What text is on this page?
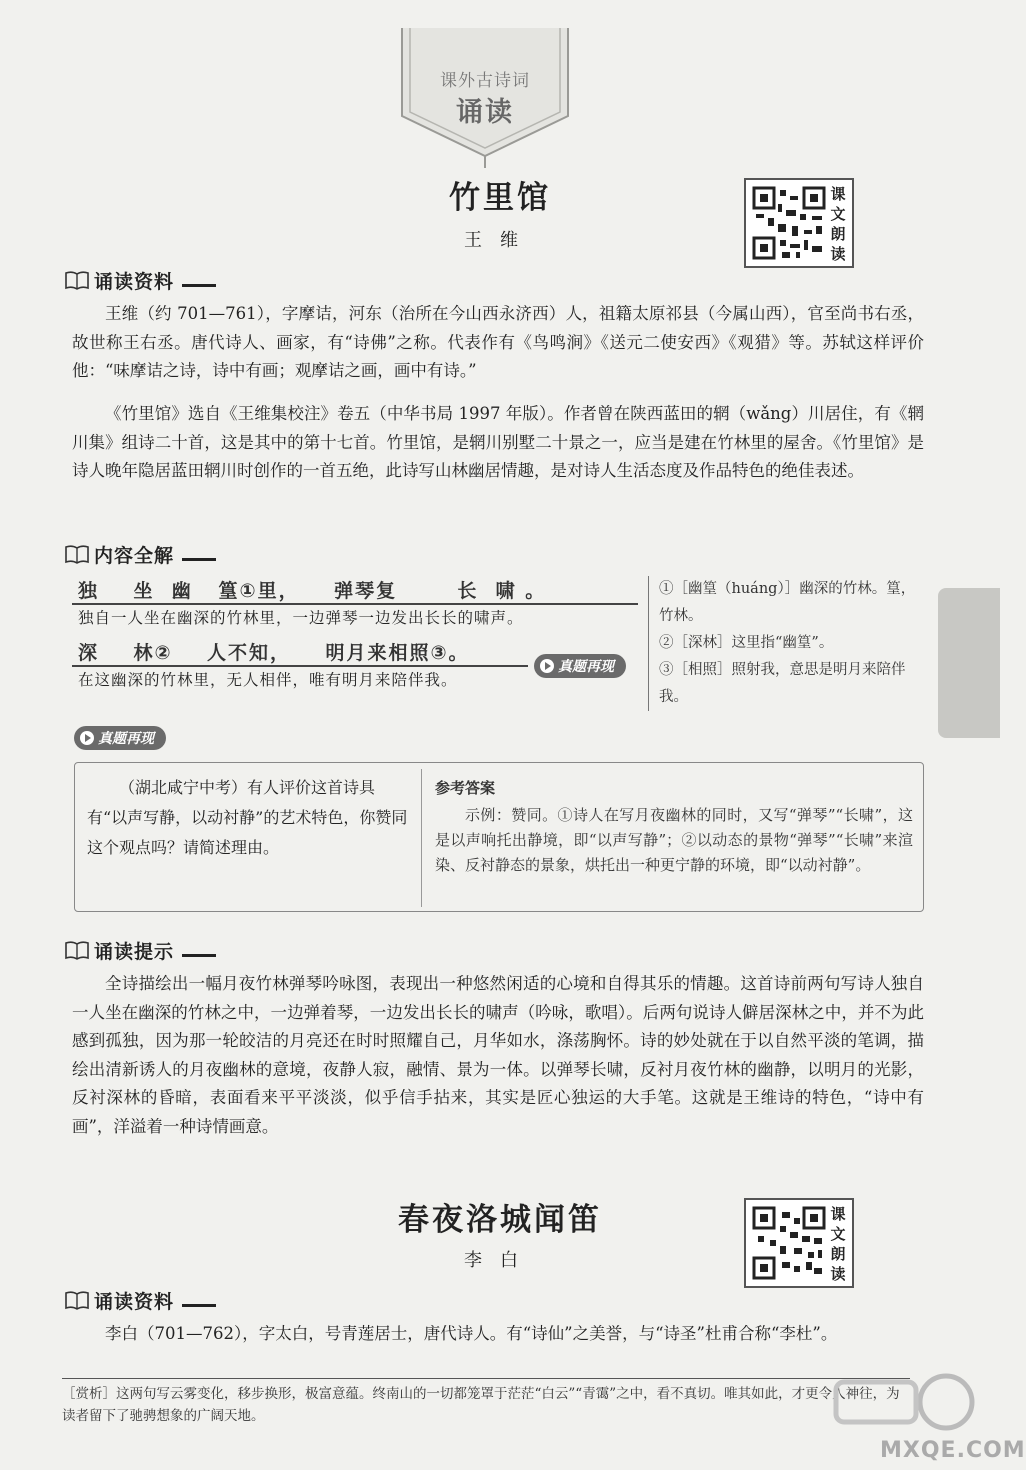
课外古诗词
诵读
竹里馆
王维
课文朗读
诵读资料

王维（约 701—761），字摩诘，河东（治所在今山西永济西）人，祖籍太原祁县（今属山西），官至尚书右丞，故世称王右丞。唐代诗人、画家，有“诗佛”之称。代表作有《鸟鸣涧》《送元二使安西》《观猎》等。苏轼这样评价他：“味摩诘之诗，诗中有画；观摩诘之画，画中有诗。”

《竹里馆》选自《王维集校注》卷五（中华书局 1997 年版）。作者曾在陕西蓝田的辋（wǎng）川居住，有《辋川集》组诗二十首，这是其中的第十七首。竹里馆，是辋川别墅二十景之一，应当是建在竹林里的屋舍。《竹里馆》是诗人晚年隐居蓝田辋川时创作的一首五绝，此诗写山林幽居情趣，是对诗人生活态度及作品特色的绝佳表述。

内容全解
独    坐  幽   篁①里，    弹琴复       长  啸 。
独自一人坐在幽深的竹林里，一边弹琴一边发出长长的啸声。
深    林②    人不知，    明月来相照③。
在这幽深的竹林里，无人相伴，唯有明月来陪伴我。
真题再现
①［幽篁（huáng）］幽深的竹林。篁，竹林。
②［深林］这里指“幽篁”。
③［相照］照射我，意思是明月来陪伴我。
真题再现

（湖北咸宁中考）有人评价这首诗具有“以声写静，以动衬静”的艺术特色，你赞同这个观点吗？请简述理由。

参考答案

示例：赞同。①诗人在写月夜幽林的同时，又写“弹琴”“长啸”，这是以声响托出静境，即“以声写静”；②以动态的景物“弹琴”“长啸”来渲染、反衬静态的景象，烘托出一种更宁静的环境，即“以动衬静”。

诵读提示

全诗描绘出一幅月夜竹林弹琴吟咏图，表现出一种悠然闲适的心境和自得其乐的情趣。这首诗前两句写诗人独自一人坐在幽深的竹林之中，一边弹着琴，一边发出长长的啸声（吟咏，歌唱）。后两句说诗人僻居深林之中，并不为此感到孤独，因为那一轮皎洁的月亮还在时时照耀自己，月华如水，涤荡胸怀。诗的妙处就在于以自然平淡的笔调，描绘出清新诱人的月夜幽林的意境，夜静人寂，融情、景为一体。以弹琴长啸，反衬月夜竹林的幽静，以明月的光影，反衬深林的昏暗，表面看来平平淡淡，似乎信手拈来，其实是匠心独运的大手笔。这就是王维诗的特色，“诗中有画”，洋溢着一种诗情画意。

春夜洛城闻笛
李白
课文朗读
诵读资料

李白（701—762），字太白，号青莲居士，唐代诗人。有“诗仙”之美誉，与“诗圣”杜甫合称“李杜”。

［赏析］这两句写云雾变化，移步换形，极富意蕴。终南山的一切都笼罩于茫茫“白云”“青霭”之中，看不真切。唯其如此，才更令人神往，为读者留下了驰骋想象的广阔天地。
MXQE.COM
